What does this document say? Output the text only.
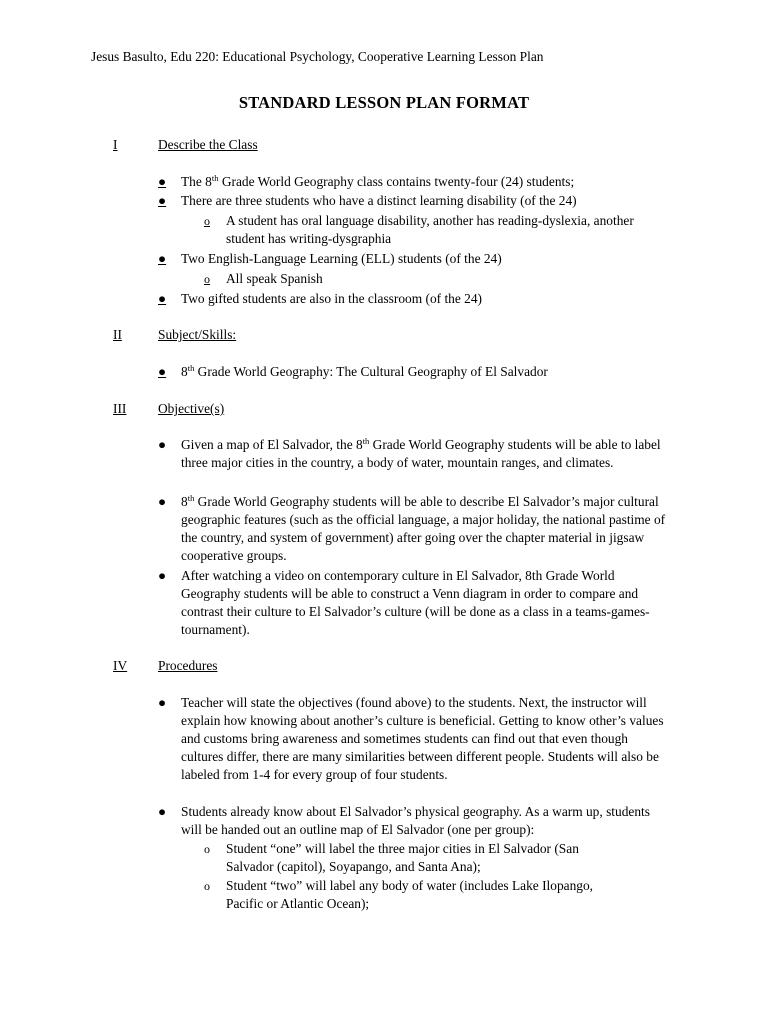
Jesus Basulto, Edu 220: Educational Psychology, Cooperative Learning Lesson Plan
STANDARD LESSON PLAN FORMAT
I	Describe the Class
● The 8th Grade World Geography class contains twenty-four (24) students;
● There are three students who have a distinct learning disability (of the 24)
o A student has oral language disability, another has reading-dyslexia, another student has writing-dysgraphia
● Two English-Language Learning (ELL) students (of the 24)
o All speak Spanish
● Two gifted students are also in the classroom (of the 24)
II	Subject/Skills:
● 8th Grade World Geography: The Cultural Geography of El Salvador
III Objective(s)
● Given a map of El Salvador, the 8th Grade World Geography students will be able to label three major cities in the country, a body of water, mountain ranges, and climates.
● 8th Grade World Geography students will be able to describe El Salvador’s major cultural geographic features (such as the official language, a major holiday, the national pastime of the country, and system of government) after going over the chapter material in jigsaw cooperative groups.
● After watching a video on contemporary culture in El Salvador, 8th Grade World Geography students will be able to construct a Venn diagram in order to compare and contrast their culture to El Salvador’s culture (will be done as a class in a teams-games-tournament).
IV Procedures
● Teacher will state the objectives (found above) to the students. Next, the instructor will explain how knowing about another’s culture is beneficial. Getting to know other’s values and customs bring awareness and sometimes students can find out that even though cultures differ, there are many similarities between different people. Students will also be labeled from 1-4 for every group of four students.
● Students already know about El Salvador’s physical geography. As a warm up, students will be handed out an outline map of El Salvador (one per group):
o Student “one” will label the three major cities in El Salvador (San Salvador (capitol), Soyapango, and Santa Ana);
o Student “two” will label any body of water (includes Lake Ilopango, Pacific or Atlantic Ocean);
